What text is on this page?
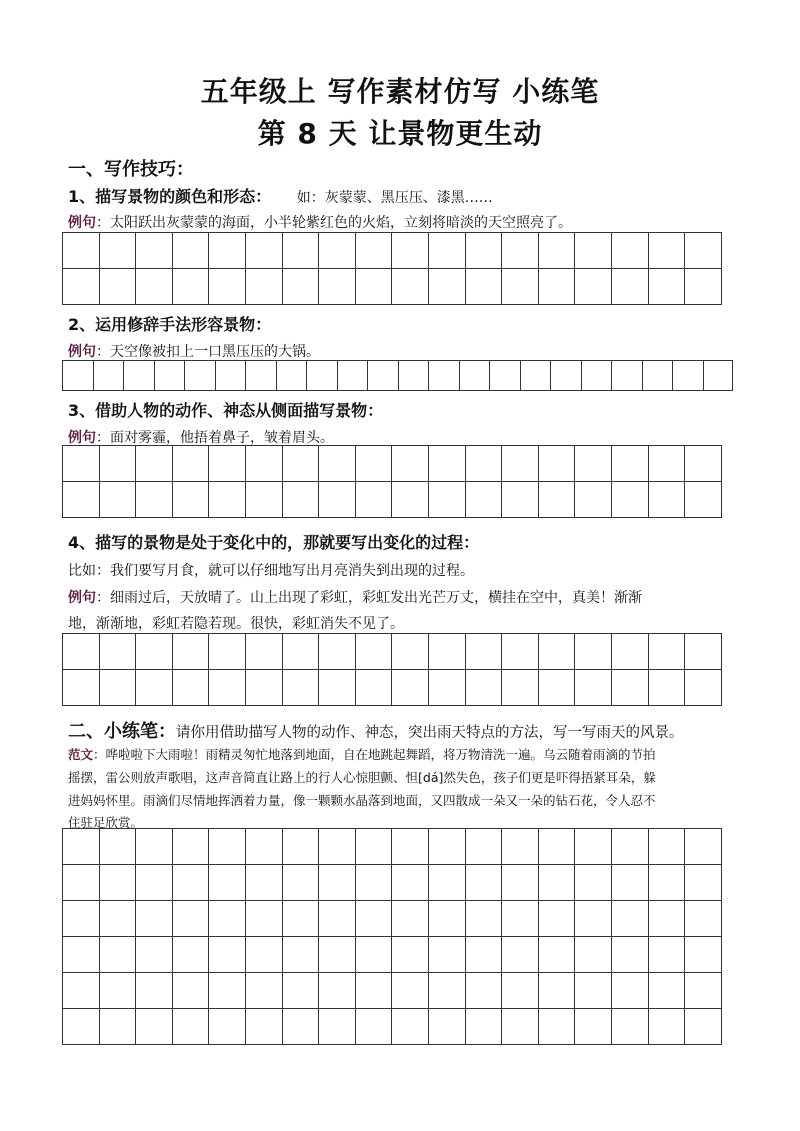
五年级上 写作素材仿写 小练笔
第 8 天 让景物更生动
一、写作技巧：
1、描写景物的颜色和形态： 如：灰蒙蒙、黑压压、漆黑……
例句：太阳跃出灰蒙蒙的海面，小半轮紫红色的火焰，立刻将暗淡的天空照亮了。
2、运用修辞手法形容景物：
例句：天空像被扣上一口黑压压的大锅。
3、借助人物的动作、神态从侧面描写景物：
例句：面对雾霾，他捂着鼻子，皱着眉头。
4、描写的景物是处于变化中的，那就要写出变化的过程：
比如：我们要写月食，就可以仔细地写出月亮消失到出现的过程。
例句：细雨过后，天放晴了。山上出现了彩虹，彩虹发出光芒万丈，横挂在空中，真美！渐渐
地，渐渐地，彩虹若隐若现。很快，彩虹消失不见了。
二、小练笔：请你用借助描写人物的动作、神态，突出雨天特点的方法，写一写雨天的风景。
范文：哗啦啦下大雨啦！雨精灵匆忙地落到地面，自在地跳起舞蹈，将万物清洗一遍。乌云随着雨滴的节拍
摇摆，雷公则放声歌唱，这声音简直让路上的行人心惊胆颤、怛[dá]然失色，孩子们更是吓得捂紧耳朵，躲
进妈妈怀里。雨滴们尽情地挥洒着力量，像一颗颗水晶落到地面，又四散成一朵又一朵的钻石花，令人忍不
住驻足欣赏。
